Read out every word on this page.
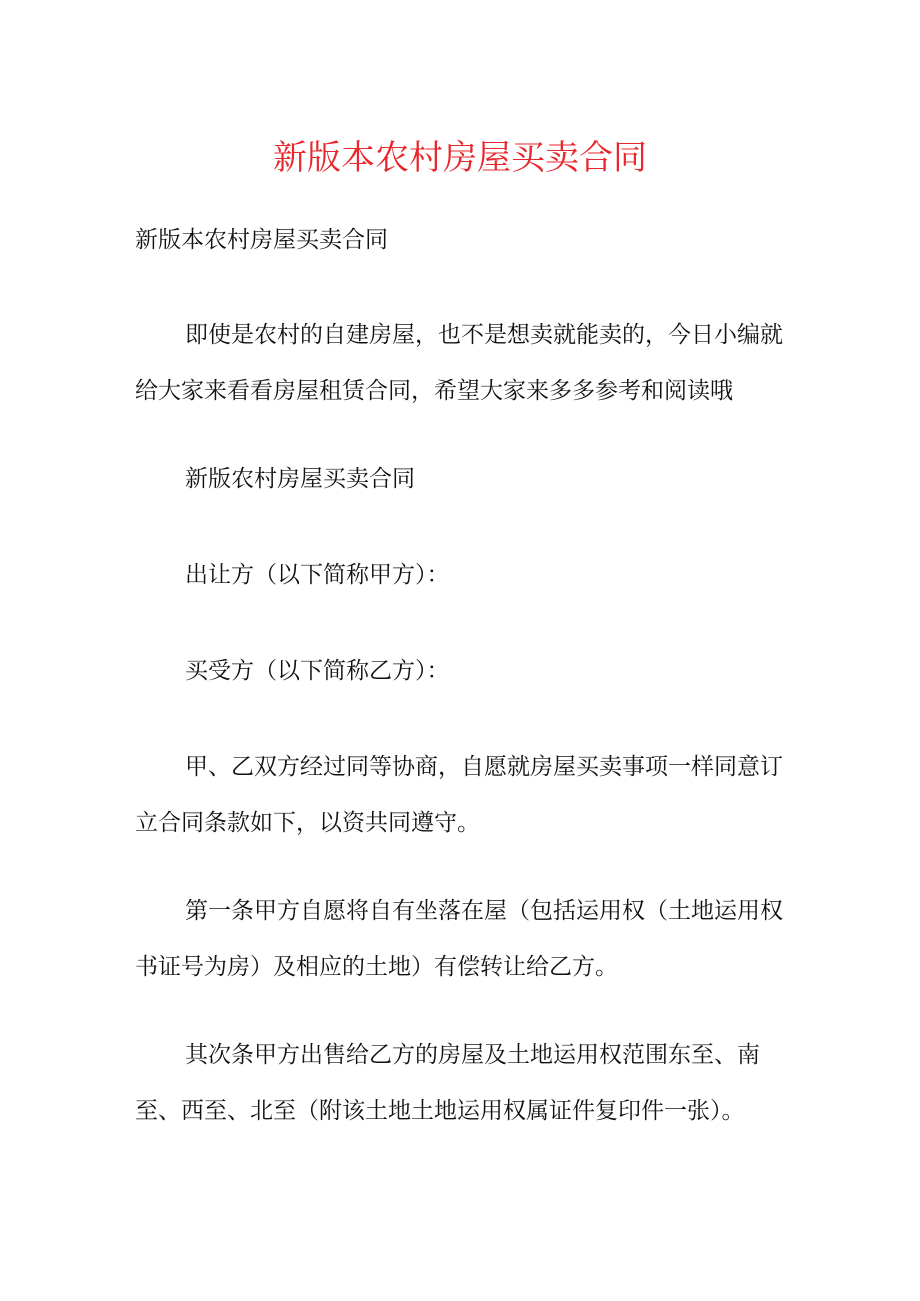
新版本农村房屋买卖合同

新版本农村房屋买卖合同

即使是农村的自建房屋，也不是想卖就能卖的，今日小编就给大家来看看房屋租赁合同，希望大家来多多参考和阅读哦

新版农村房屋买卖合同

出让方（以下简称甲方）：

买受方（以下简称乙方）：

甲、乙双方经过同等协商，自愿就房屋买卖事项一样同意订立合同条款如下，以资共同遵守。

第一条甲方自愿将自有坐落在屋（包括运用权（土地运用权书证号为房）及相应的土地）有偿转让给乙方。

其次条甲方出售给乙方的房屋及土地运用权范围东至、南至、西至、北至（附该土地土地运用权属证件复印件一张）。
